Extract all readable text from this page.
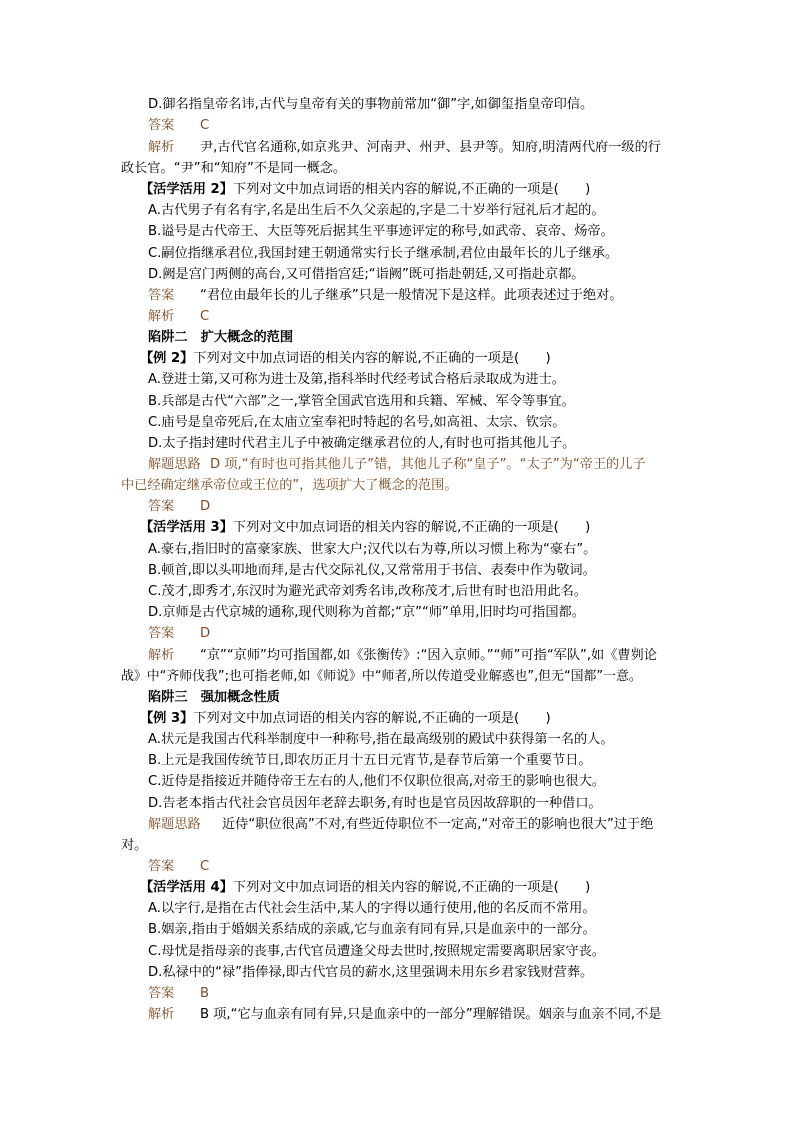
D.御名指皇帝名讳,古代与皇帝有关的事物前常加“御”字,如御玺指皇帝印信。
答案 C
解析 尹,古代官名通称,如京兆尹、河南尹、州尹、县尹等。知府,明清两代府一级的行
政长官。“尹”和“知府”不是同一概念。
【活学活用 2】下列对文中加点词语的相关内容的解说,不正确的一项是(　　)
A.古代男子有名有字,名是出生后不久父亲起的,字是二十岁举行冠礼后才起的。
B.谥号是古代帝王、大臣等死后据其生平事迹评定的称号,如武帝、哀帝、炀帝。
C.嗣位指继承君位,我国封建王朝通常实行长子继承制,君位由最年长的儿子继承。
D.阙是宫门两侧的高台,又可借指宫廷;“诣阙”既可指赴朝廷,又可指赴京都。
答案 “君位由最年长的儿子继承”只是一般情况下是这样。此项表述过于绝对。
解析 C
陷阱二　扩大概念的范围
【例 2】下列对文中加点词语的相关内容的解说,不正确的一项是(　　)
A.登进士第,又可称为进士及第,指科举时代经考试合格后录取成为进士。
B.兵部是古代“六部”之一,掌管全国武官选用和兵籍、军械、军令等事宜。
C.庙号是皇帝死后,在太庙立室奉祀时特起的名号,如高祖、太宗、钦宗。
D.太子指封建时代君主儿子中被确定继承君位的人,有时也可指其他儿子。
解题思路 D 项,“有时也可指其他儿子”错，其他儿子称“皇子”。“太子”为“帝王的儿子
中已经确定继承帝位或王位的”，选项扩大了概念的范围。
答案 D
【活学活用 3】下列对文中加点词语的相关内容的解说,不正确的一项是(　　)
A.豪右,指旧时的富豪家族、世家大户;汉代以右为尊,所以习惯上称为“豪右”。
B.顿首,即以头叩地而拜,是古代交际礼仪,又常常用于书信、表奏中作为敬词。
C.茂才,即秀才,东汉时为避光武帝刘秀名讳,改称茂才,后世有时也沿用此名。
D.京师是古代京城的通称,现代则称为首都;“京”“师”单用,旧时均可指国都。
答案 D
解析 “京”“京师”均可指国都,如《张衡传》:“因入京师。”“师”可指“军队”,如《曹刿论
战》中“齐师伐我”;也可指老师,如《师说》中“师者,所以传道受业解惑也”,但无“国都”一意。
陷阱三　强加概念性质
【例 3】下列对文中加点词语的相关内容的解说,不正确的一项是(　　)
A.状元是我国古代科举制度中一种称号,指在最高级别的殿试中获得第一名的人。
B.上元是我国传统节日,即农历正月十五日元宵节,是春节后第一个重要节日。
C.近侍是指接近并随侍帝王左右的人,他们不仅职位很高,对帝王的影响也很大。
D.告老本指古代社会官员因年老辞去职务,有时也是官员因故辞职的一种借口。
解题思路 近侍“职位很高”不对,有些近侍职位不一定高,“对帝王的影响也很大”过于绝
对。
答案 C
【活学活用 4】下列对文中加点词语的相关内容的解说,不正确的一项是(　　)
A.以字行,是指在古代社会生活中,某人的字得以通行使用,他的名反而不常用。
B.姻亲,指由于婚姻关系结成的亲戚,它与血亲有同有异,只是血亲中的一部分。
C.母忧是指母亲的丧事,古代官员遭逢父母去世时,按照规定需要离职居家守丧。
D.私禄中的“禄”指俸禄,即古代官员的薪水,这里强调未用东乡君家钱财营葬。
答案 B
解析 B 项,“它与血亲有同有异,只是血亲中的一部分”理解错误。姻亲与血亲不同,不是
